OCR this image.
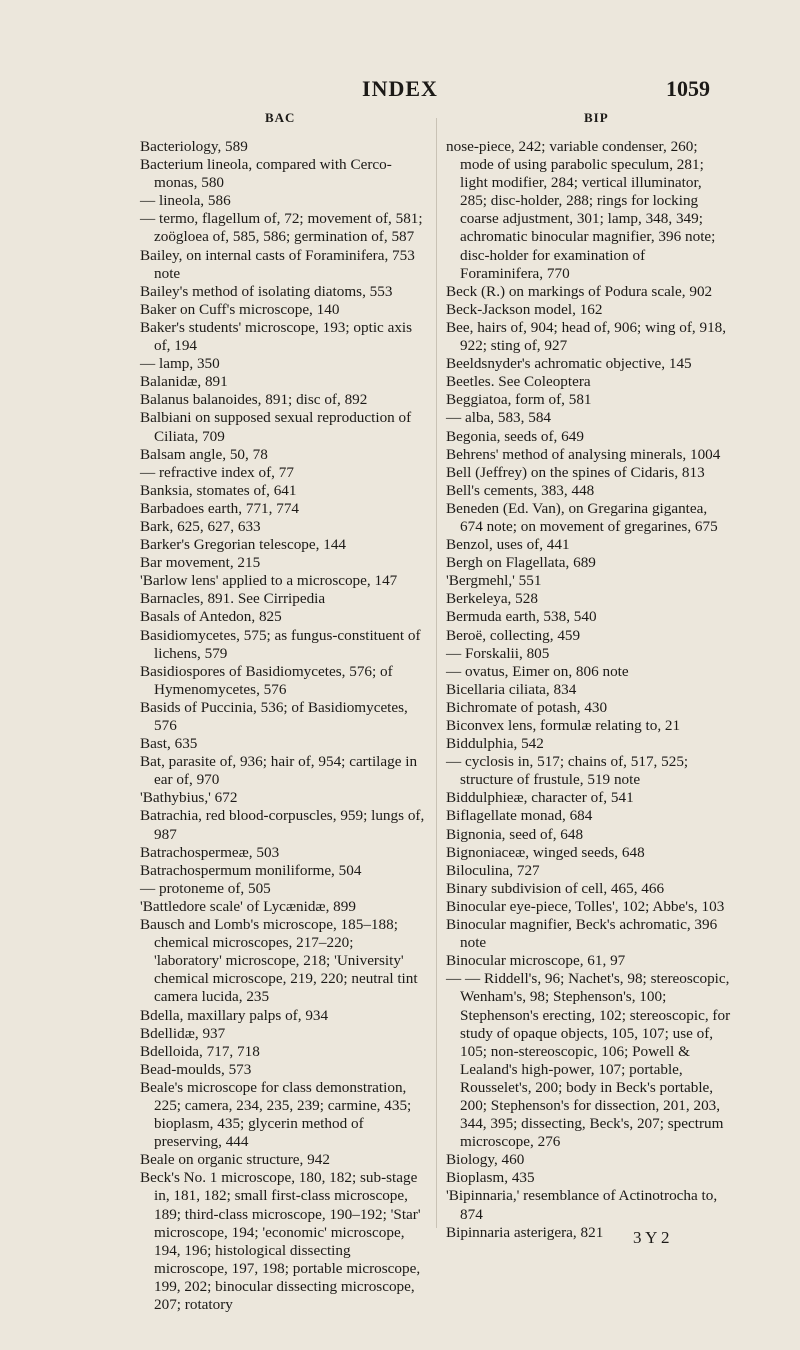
INDEX	1059
BAC	BIP

Bacteriology, 589

Bacterium lineola, compared with Cerco-monas, 580

— lineola, 586

— termo, flagellum of, 72; movement of, 581; zoögloea of, 585, 586; germination of, 587

Bailey, on internal casts of Foraminifera, 753 note

Bailey's method of isolating diatoms, 553

Baker on Cuff's microscope, 140

Baker's students' microscope, 193; optic axis of, 194

— lamp, 350

Balanidæ, 891

Balanus balanoides, 891; disc of, 892

Balbiani on supposed sexual reproduction of Ciliata, 709

Balsam angle, 50, 78

— refractive index of, 77

Banksia, stomates of, 641

Barbadoes earth, 771, 774

Bark, 625, 627, 633

Barker's Gregorian telescope, 144

Bar movement, 215

'Barlow lens' applied to a microscope, 147

Barnacles, 891. See Cirripedia

Basals of Antedon, 825

Basidiomycetes, 575; as fungus-constituent of lichens, 579

Basidiospores of Basidiomycetes, 576; of Hymenomycetes, 576

Basids of Puccinia, 536; of Basidiomycetes, 576

Bast, 635

Bat, parasite of, 936; hair of, 954; cartilage in ear of, 970

'Bathybius,' 672

Batrachia, red blood-corpuscles, 959; lungs of, 987

Batrachospermeæ, 503

Batrachospermum moniliforme, 504

— protoneme of, 505

'Battledore scale' of Lycænidæ, 899

Bausch and Lomb's microscope, 185–188; chemical microscopes, 217–220; 'laboratory' microscope, 218; 'University' chemical microscope, 219, 220; neutral tint camera lucida, 235

Bdella, maxillary palps of, 934

Bdellidæ, 937

Bdelloida, 717, 718

Bead-moulds, 573

Beale's microscope for class demonstration, 225; camera, 234, 235, 239; carmine, 435; bioplasm, 435; glycerin method of preserving, 444

Beale on organic structure, 942

Beck's No. 1 microscope, 180, 182; sub-stage in, 181, 182; small first-class microscope, 189; third-class microscope, 190–192; 'Star' microscope, 194; 'economic' microscope, 194, 196; histological dissecting microscope, 197, 198; portable microscope, 199, 202; binocular dissecting microscope, 207; rotatory

nose-piece, 242; variable condenser, 260; mode of using parabolic speculum, 281; light modifier, 284; vertical illuminator, 285; disc-holder, 288; rings for locking coarse adjustment, 301; lamp, 348, 349; achromatic binocular magnifier, 396 note; disc-holder for examination of Foraminifera, 770

Beck (R.) on markings of Podura scale, 902

Beck-Jackson model, 162

Bee, hairs of, 904; head of, 906; wing of, 918, 922; sting of, 927

Beeldsnyder's achromatic objective, 145

Beetles. See Coleoptera

Beggiatoa, form of, 581

— alba, 583, 584

Begonia, seeds of, 649

Behrens' method of analysing minerals, 1004

Bell (Jeffrey) on the spines of Cidaris, 813

Bell's cements, 383, 448

Beneden (Ed. Van), on Gregarina gigantea, 674 note; on movement of gregarines, 675

Benzol, uses of, 441

Bergh on Flagellata, 689

'Bergmehl,' 551

Berkeleya, 528

Bermuda earth, 538, 540

Beroë, collecting, 459

— Forskalii, 805

— ovatus, Eimer on, 806 note

Bicellaria ciliata, 834

Bichromate of potash, 430

Biconvex lens, formulæ relating to, 21

Biddulphia, 542

— cyclosis in, 517; chains of, 517, 525; structure of frustule, 519 note

Biddulphieæ, character of, 541

Biflagellate monad, 684

Bignonia, seed of, 648

Bignoniaceæ, winged seeds, 648

Biloculina, 727

Binary subdivision of cell, 465, 466

Binocular eye-piece, Tolles', 102; Abbe's, 103

Binocular magnifier, Beck's achromatic, 396 note

Binocular microscope, 61, 97

— — Riddell's, 96; Nachet's, 98; stereoscopic, Wenham's, 98; Stephenson's, 100; Stephenson's erecting, 102; stereoscopic, for study of opaque objects, 105, 107; use of, 105; non-stereoscopic, 106; Powell & Lealand's high-power, 107; portable, Rousselet's, 200; body in Beck's portable, 200; Stephenson's for dissection, 201, 203, 344, 395; dissecting, Beck's, 207; spectrum microscope, 276

Biology, 460

Bioplasm, 435

'Bipinnaria,' resemblance of Actinotrocha to, 874

Bipinnaria asterigera, 821	3 Y 2
